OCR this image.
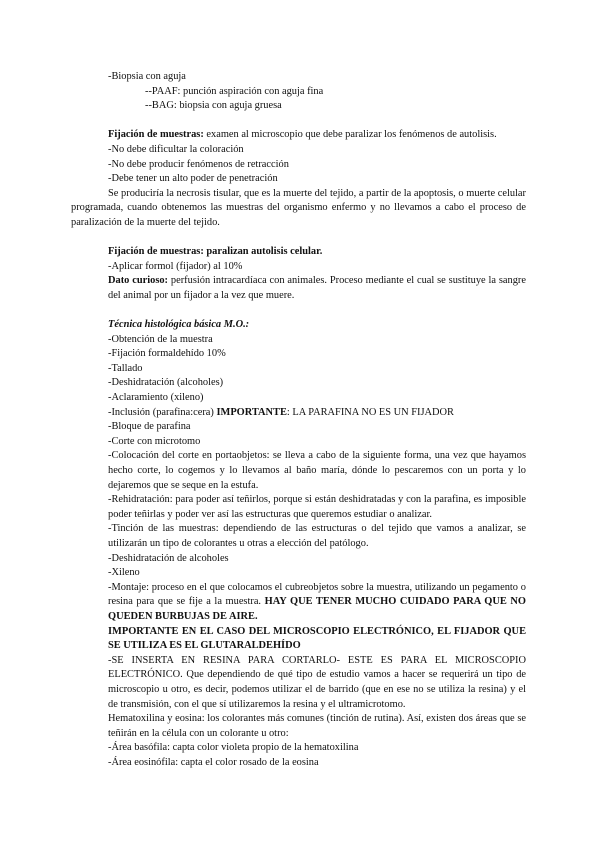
-Biopsia con aguja

--PAAF: punción aspiración con aguja fina

--BAG: biopsia con aguja gruesa

Fijación de muestras: examen al microscopio que debe paralizar los fenómenos de autolisis.

-No debe dificultar la coloración

-No debe producir fenómenos de retracción

-Debe tener un alto poder de penetración

Se produciría la necrosis tisular, que es la muerte del tejido, a partir de la apoptosis, o muerte celular programada, cuando obtenemos las muestras del organismo enfermo y no llevamos a cabo el proceso de paralización de la muerte del tejido.

Fijación de muestras: paralizan autolisis celular.

-Aplicar formol (fijador) al 10%

Dato curioso: perfusión intracardíaca con animales. Proceso mediante el cual se sustituye la sangre del animal por un fijador a la vez que muere.

Técnica histológica básica M.O.:

-Obtención de la muestra

-Fijación formaldehído 10%

-Tallado

-Deshidratación (alcoholes)

-Aclaramiento (xileno)

-Inclusión (parafina:cera) IMPORTANTE: LA PARAFINA NO ES UN FIJADOR

-Bloque de parafina

-Corte con microtomo

-Colocación del corte en portaobjetos: se lleva a cabo de la siguiente forma, una vez que hayamos hecho corte, lo cogemos y lo llevamos al baño maría, dónde lo pescaremos con un porta y lo dejaremos que se seque en la estufa.

-Rehidratación: para poder así teñirlos, porque si están deshidratadas y con la parafina, es imposible poder teñirlas y poder ver así las estructuras que queremos estudiar o analizar.

-Tinción de las muestras: dependiendo de las estructuras o del tejido que vamos a analizar, se utilizarán un tipo de colorantes u otras a elección del patólogo.

-Deshidratación de alcoholes

-Xileno

-Montaje: proceso en el que colocamos el cubreobjetos sobre la muestra, utilizando un pegamento o resina para que se fije a la muestra. HAY QUE TENER MUCHO CUIDADO PARA QUE NO QUEDEN BURBUJAS DE AIRE.

IMPORTANTE EN EL CASO DEL MICROSCOPIO ELECTRÓNICO, EL FIJADOR QUE SE UTILIZA ES EL GLUTARALDEHÍDO

-SE INSERTA EN RESINA PARA CORTARLO- ESTE ES PARA EL MICROSCOPIO ELECTRÓNICO. Que dependiendo de qué tipo de estudio vamos a hacer se requerirá un tipo de microscopio u otro, es decir, podemos utilizar el de barrido (que en ese no se utiliza la resina) y el de transmisión, con el que sí utilizaremos la resina y el ultramicrotomo.

Hematoxilina y eosina: los colorantes más comunes (tinción de rutina). Así, existen dos áreas que se teñirán en la célula con un colorante u otro:

-Área basófila: capta color violeta propio de la hematoxilina

-Área eosinófila: capta el color rosado de la eosina
